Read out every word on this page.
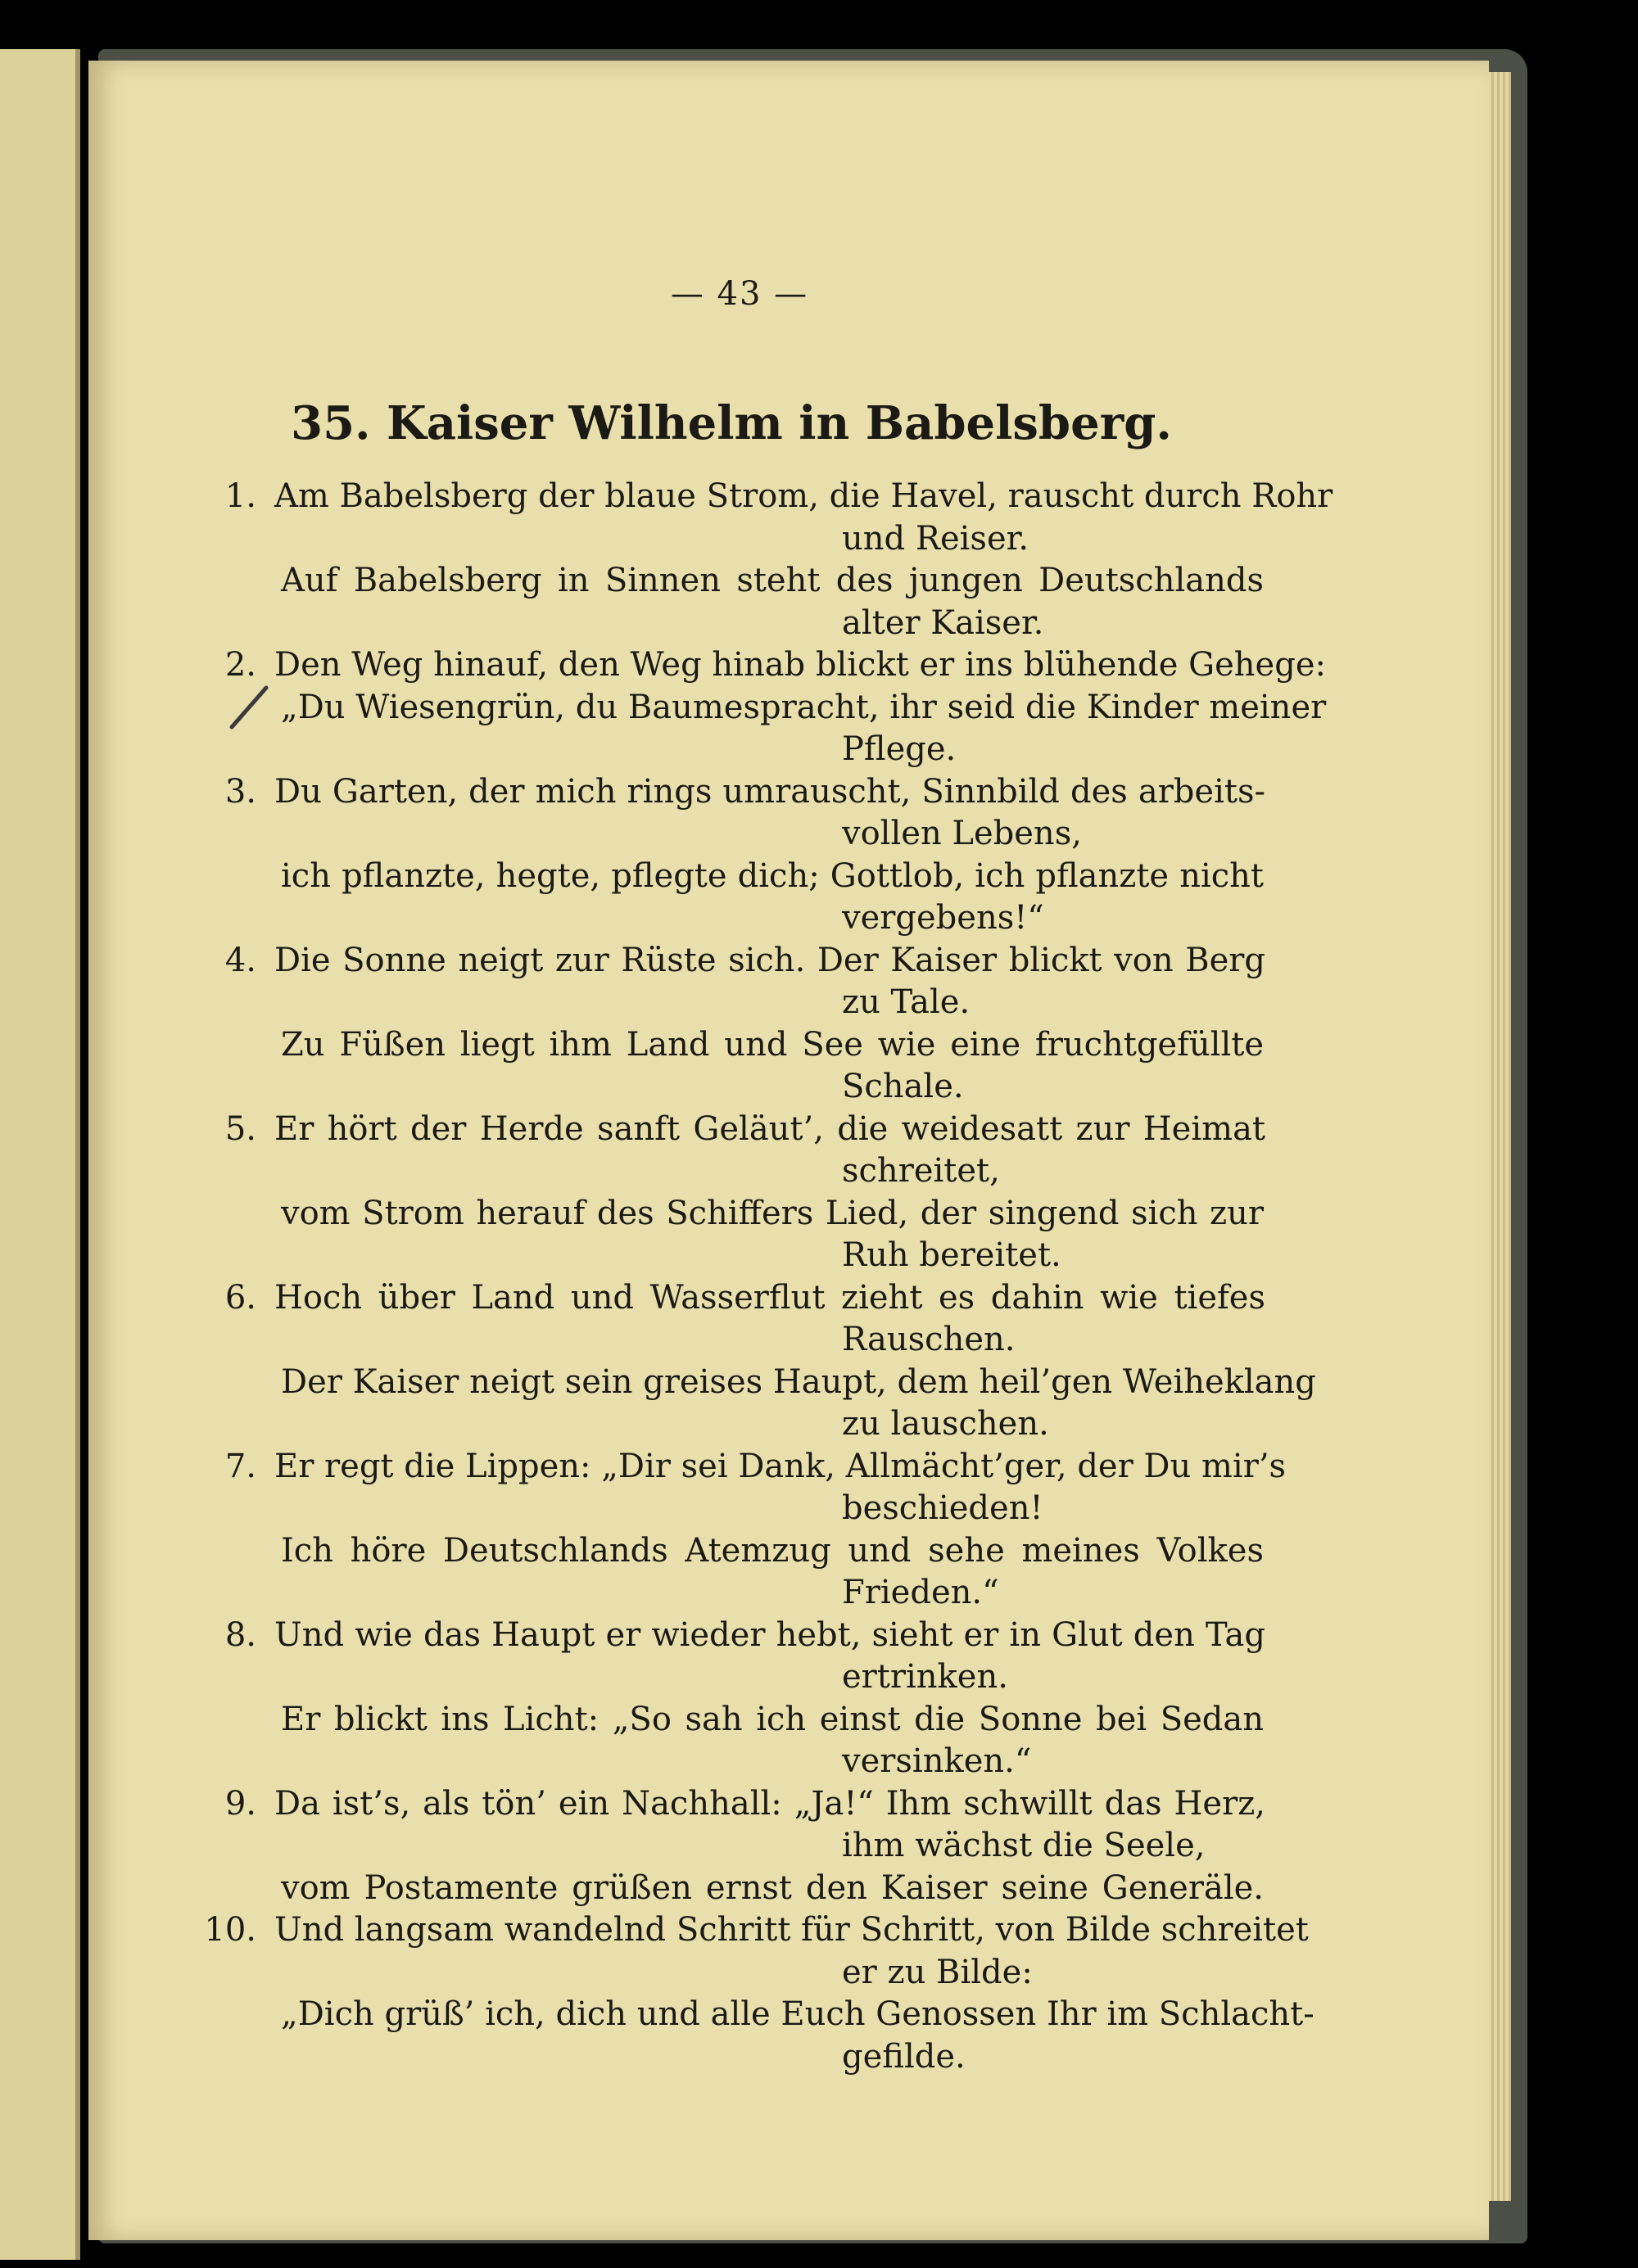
— 43 —
35. Kaiser Wilhelm in Babelsberg.
1. Am Babelsberg der blaue Strom, die Havel, rauscht durch Rohr
und Reiser.
Auf Babelsberg in Sinnen steht des jungen Deutschlands
alter Kaiser.
2. Den Weg hinauf, den Weg hinab blickt er ins blühende Gehege:
„Du Wiesengrün, du Baumespracht, ihr seid die Kinder meiner
Pflege.
3. Du Garten, der mich rings umrauscht, Sinnbild des arbeits-
vollen Lebens,
ich pflanzte, hegte, pflegte dich; Gottlob, ich pflanzte nicht
vergebens!“
4. Die Sonne neigt zur Rüste sich. Der Kaiser blickt von Berg
zu Tale.
Zu Füßen liegt ihm Land und See wie eine fruchtgefüllte
Schale.
5. Er hört der Herde sanft Geläut’, die weidesatt zur Heimat
schreitet,
vom Strom herauf des Schiffers Lied, der singend sich zur
Ruh bereitet.
6. Hoch über Land und Wasserflut zieht es dahin wie tiefes
Rauschen.
Der Kaiser neigt sein greises Haupt, dem heil’gen Weiheklang
zu lauschen.
7. Er regt die Lippen: „Dir sei Dank, Allmächt’ger, der Du mir’s
beschieden!
Ich höre Deutschlands Atemzug und sehe meines Volkes
Frieden.“
8. Und wie das Haupt er wieder hebt, sieht er in Glut den Tag
ertrinken.
Er blickt ins Licht: „So sah ich einst die Sonne bei Sedan
versinken.“
9. Da ist’s, als tön’ ein Nachhall: „Ja!“ Ihm schwillt das Herz,
ihm wächst die Seele,
vom Postamente grüßen ernst den Kaiser seine Generäle.
10. Und langsam wandelnd Schritt für Schritt, von Bilde schreitet
er zu Bilde:
„Dich grüß’ ich, dich und alle Euch Genossen Ihr im Schlacht-
gefilde.
